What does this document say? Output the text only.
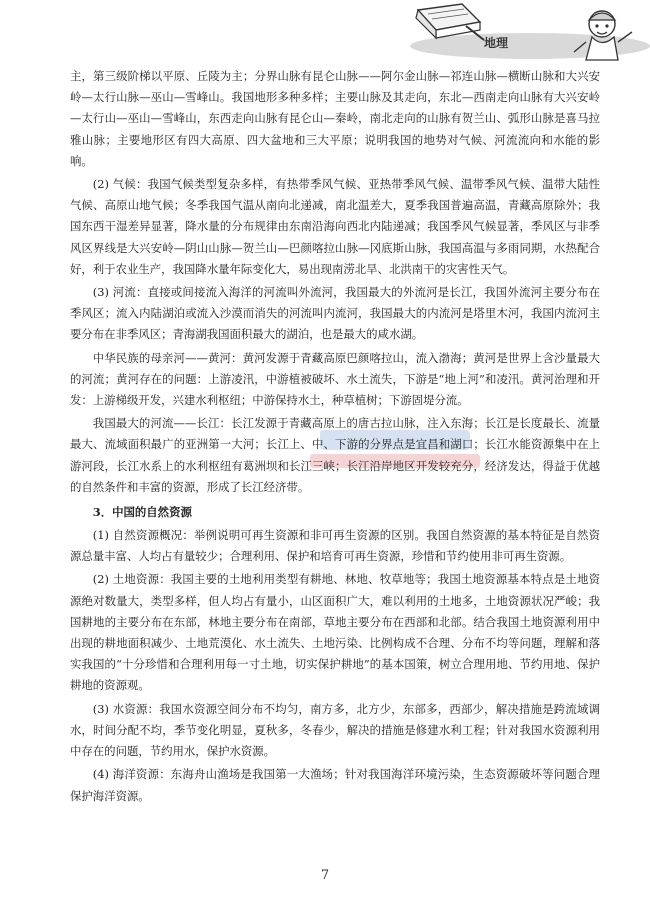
地理

主，第三级阶梯以平原、丘陵为主；分界山脉有昆仑山脉——阿尔金山脉—祁连山脉—横断山脉和大兴安岭—太行山脉—巫山—雪峰山。我国地形多种多样；主要山脉及其走向，东北—西南走向山脉有大兴安岭—太行山—巫山—雪峰山，东西走向山脉有昆仑山—秦岭，南北走向的山脉有贺兰山、弧形山脉是喜马拉雅山脉；主要地形区有四大高原、四大盆地和三大平原；说明我国的地势对气候、河流流向和水能的影响。

(2) 气候：我国气候类型复杂多样，有热带季风气候、亚热带季风气候、温带季风气候、温带大陆性气候、高原山地气候；冬季我国气温从南向北递减，南北温差大，夏季我国普遍高温，青藏高原除外；我国东西干湿差异显著，降水量的分布规律由东南沿海向西北内陆递减；我国季风气候显著，季风区与非季风区界线是大兴安岭—阴山山脉—贺兰山—巴颜喀拉山脉—冈底斯山脉，我国高温与多雨同期，水热配合好，利于农业生产，我国降水量年际变化大，易出现南涝北旱、北洪南干的灾害性天气。

(3) 河流：直接或间接流入海洋的河流叫外流河，我国最大的外流河是长江，我国外流河主要分布在季风区；流入内陆湖泊或流入沙漠而消失的河流叫内流河，我国最大的内流河是塔里木河，我国内流河主要分布在非季风区；青海湖我国面积最大的湖泊，也是最大的咸水湖。

中华民族的母亲河——黄河：黄河发源于青藏高原巴颜喀拉山，流入渤海；黄河是世界上含沙量最大的河流；黄河存在的问题：上游凌汛，中游植被破坏、水土流失，下游是“地上河”和凌汛。黄河治理和开发：上游梯级开发，兴建水利枢纽；中游保持水土，种草植树；下游固堤分流。

我国最大的河流——长江：长江发源于青藏高原上的唐古拉山脉，注入东海；长江是长度最长、流量最大、流域面积最广的亚洲第一大河；长江上、中、下游的分界点是宜昌和湖口；长江水能资源集中在上游河段，长江水系上的水利枢纽有葛洲坝和长江三峡；长江沿岸地区开发较充分，经济发达，得益于优越的自然条件和丰富的资源，形成了长江经济带。

3．中国的自然资源

(1) 自然资源概况：举例说明可再生资源和非可再生资源的区别。我国自然资源的基本特征是自然资源总量丰富、人均占有量较少；合理利用、保护和培育可再生资源，珍惜和节约使用非可再生资源。

(2) 土地资源：我国主要的土地利用类型有耕地、林地、牧草地等；我国土地资源基本特点是土地资源绝对数量大，类型多样，但人均占有量小，山区面积广大，难以利用的土地多，土地资源状况严峻；我国耕地的主要分布在东部，林地主要分布在南部，草地主要分布在西部和北部。结合我国土地资源利用中出现的耕地面积减少、土地荒漠化、水土流失、土地污染、比例构成不合理、分布不均等问题，理解和落实我国的“十分珍惜和合理利用每一寸土地，切实保护耕地”的基本国策，树立合理用地、节约用地、保护耕地的资源观。

(3) 水资源：我国水资源空间分布不均匀，南方多，北方少，东部多，西部少，解决措施是跨流域调水，时间分配不均，季节变化明显，夏秋多，冬春少，解决的措施是修建水利工程；针对我国水资源利用中存在的问题，节约用水，保护水资源。

(4) 海洋资源：东海舟山渔场是我国第一大渔场；针对我国海洋环境污染，生态资源破坏等问题合理保护海洋资源。

7
